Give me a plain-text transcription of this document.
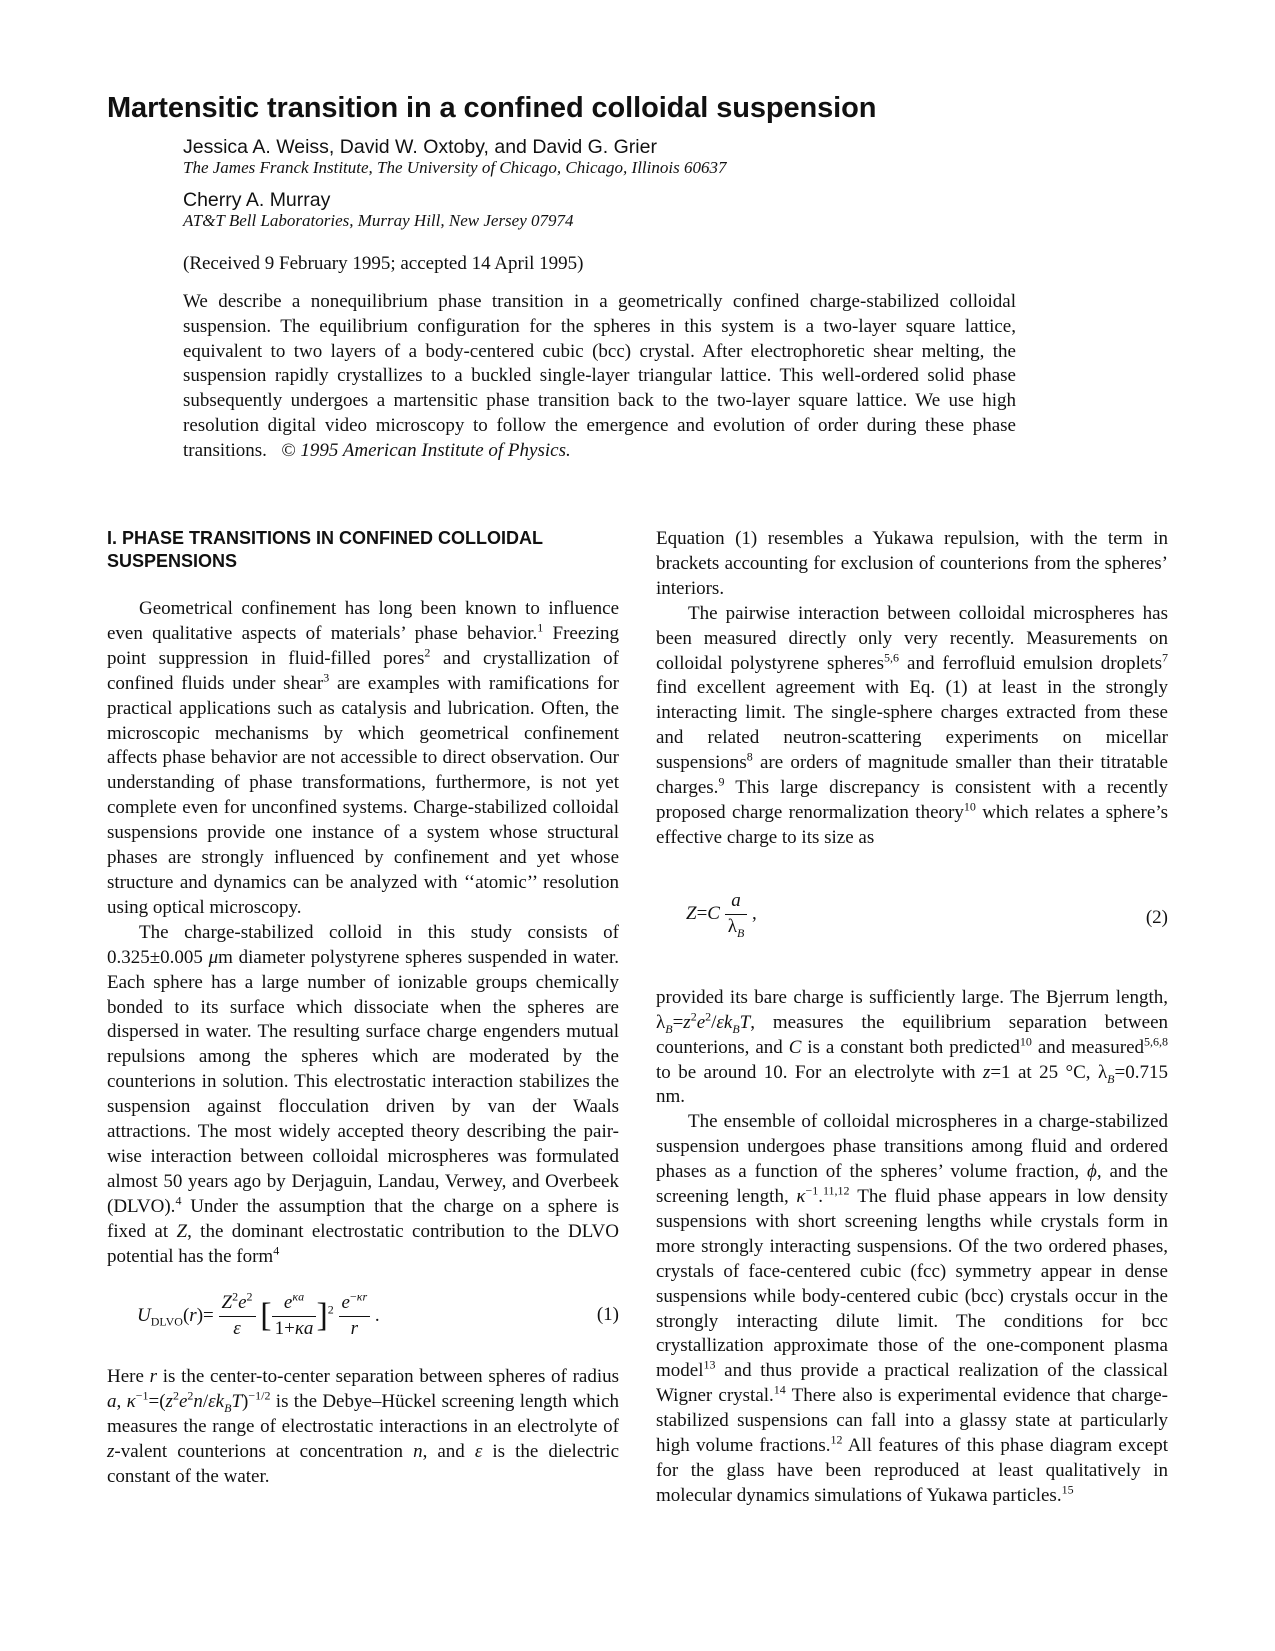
Martensitic transition in a confined colloidal suspension
Jessica A. Weiss, David W. Oxtoby, and David G. Grier
The James Franck Institute, The University of Chicago, Chicago, Illinois 60637
Cherry A. Murray
AT&T Bell Laboratories, Murray Hill, New Jersey 07974
(Received 9 February 1995; accepted 14 April 1995)

We describe a nonequilibrium phase transition in a geometrically confined charge-stabilized colloidal suspension. The equilibrium configuration for the spheres in this system is a two-layer square lattice, equivalent to two layers of a body-centered cubic (bcc) crystal. After electrophoretic shear melting, the suspension rapidly crystallizes to a buckled single-layer triangular lattice. This well-ordered solid phase subsequently undergoes a martensitic phase transition back to the two-layer square lattice. We use high resolution digital video microscopy to follow the emergence and evolution of order during these phase transitions. © 1995 American Institute of Physics.

I. PHASE TRANSITIONS IN CONFINED COLLOIDAL SUSPENSIONS

Geometrical confinement has long been known to influence even qualitative aspects of materials’ phase behavior.$^1$ Freezing point suppression in fluid-filled pores$^2$ and crystallization of confined fluids under shear$^3$ are examples with ramifications for practical applications such as catalysis and lubrication. Often, the microscopic mechanisms by which geometrical confinement affects phase behavior are not accessible to direct observation. Our understanding of phase transformations, furthermore, is not yet complete even for unconfined systems. Charge-stabilized colloidal suspensions provide one instance of a system whose structural phases are strongly influenced by confinement and yet whose structure and dynamics can be analyzed with ‘‘atomic’’ resolution using optical microscopy.

The charge-stabilized colloid in this study consists of 0.325±0.005 μm diameter polystyrene spheres suspended in water. Each sphere has a large number of ionizable groups chemically bonded to its surface which dissociate when the spheres are dispersed in water. The resulting surface charge engenders mutual repulsions among the spheres which are moderated by the counterions in solution. This electrostatic interaction stabilizes the suspension against flocculation driven by van der Waals attractions. The most widely accepted theory describing the pair-wise interaction between colloidal microspheres was formulated almost 50 years ago by Derjaguin, Landau, Verwey, and Overbeek (DLVO).$^4$ Under the assumption that the charge on a sphere is fixed at Z, the dominant electrostatic contribution to the DLVO potential has the form$^4$

$U_{DLVO}(r)= \frac{Z^2e^2}{\varepsilon}$ [ $\frac{e^{\kappa a}}{1+\kappa a} ]^2 \frac{e^{-\kappa r}}{r}$ .	(1)

Here r is the center-to-center separation between spheres of radius a, $\kappa^{-1}=(z^2e^2n/\varepsilon k_BT)^{-1/2}$ is the Debye–Hückel screening length which measures the range of electrostatic interactions in an electrolyte of z-valent counterions at concentration n, and ε is the dielectric constant of the water.

Equation (1) resembles a Yukawa repulsion, with the term in brackets accounting for exclusion of counterions from the spheres’ interiors.

The pairwise interaction between colloidal microspheres has been measured directly only very recently. Measurements on colloidal polystyrene spheres$^{5,6}$ and ferrofluid emulsion droplets$^7$ find excellent agreement with Eq. (1) at least in the strongly interacting limit. The single-sphere charges extracted from these and related neutron-scattering experiments on micellar suspensions$^8$ are orders of magnitude smaller than their titratable charges.$^9$ This large discrepancy is consistent with a recently proposed charge renormalization theory$^{10}$ which relates a sphere’s effective charge to its size as

$Z=C \frac{a}{\lambda_B}$ ,	(2)

provided its bare charge is sufficiently large. The Bjerrum length, $\lambda_B=z^2e^2/\varepsilon k_BT$, measures the equilibrium separation between counterions, and C is a constant both predicted$^{10}$ and measured$^{5,6,8}$ to be around 10. For an electrolyte with z=1 at 25 °C, $\lambda_B=0.715$ nm.

The ensemble of colloidal microspheres in a charge-stabilized suspension undergoes phase transitions among fluid and ordered phases as a function of the spheres’ volume fraction, ϕ, and the screening length, $\kappa^{-1}.^{11,12}$ The fluid phase appears in low density suspensions with short screening lengths while crystals form in more strongly interacting suspensions. Of the two ordered phases, crystals of face-centered cubic (fcc) symmetry appear in dense suspensions while body-centered cubic (bcc) crystals occur in the strongly interacting dilute limit. The conditions for bcc crystallization approximate those of the one-component plasma model$^{13}$ and thus provide a practical realization of the classical Wigner crystal.$^{14}$ There also is experimental evidence that charge-stabilized suspensions can fall into a glassy state at particularly high volume fractions.$^{12}$ All features of this phase diagram except for the glass have been reproduced at least qualitatively in molecular dynamics simulations of Yukawa particles.$^{15}$
